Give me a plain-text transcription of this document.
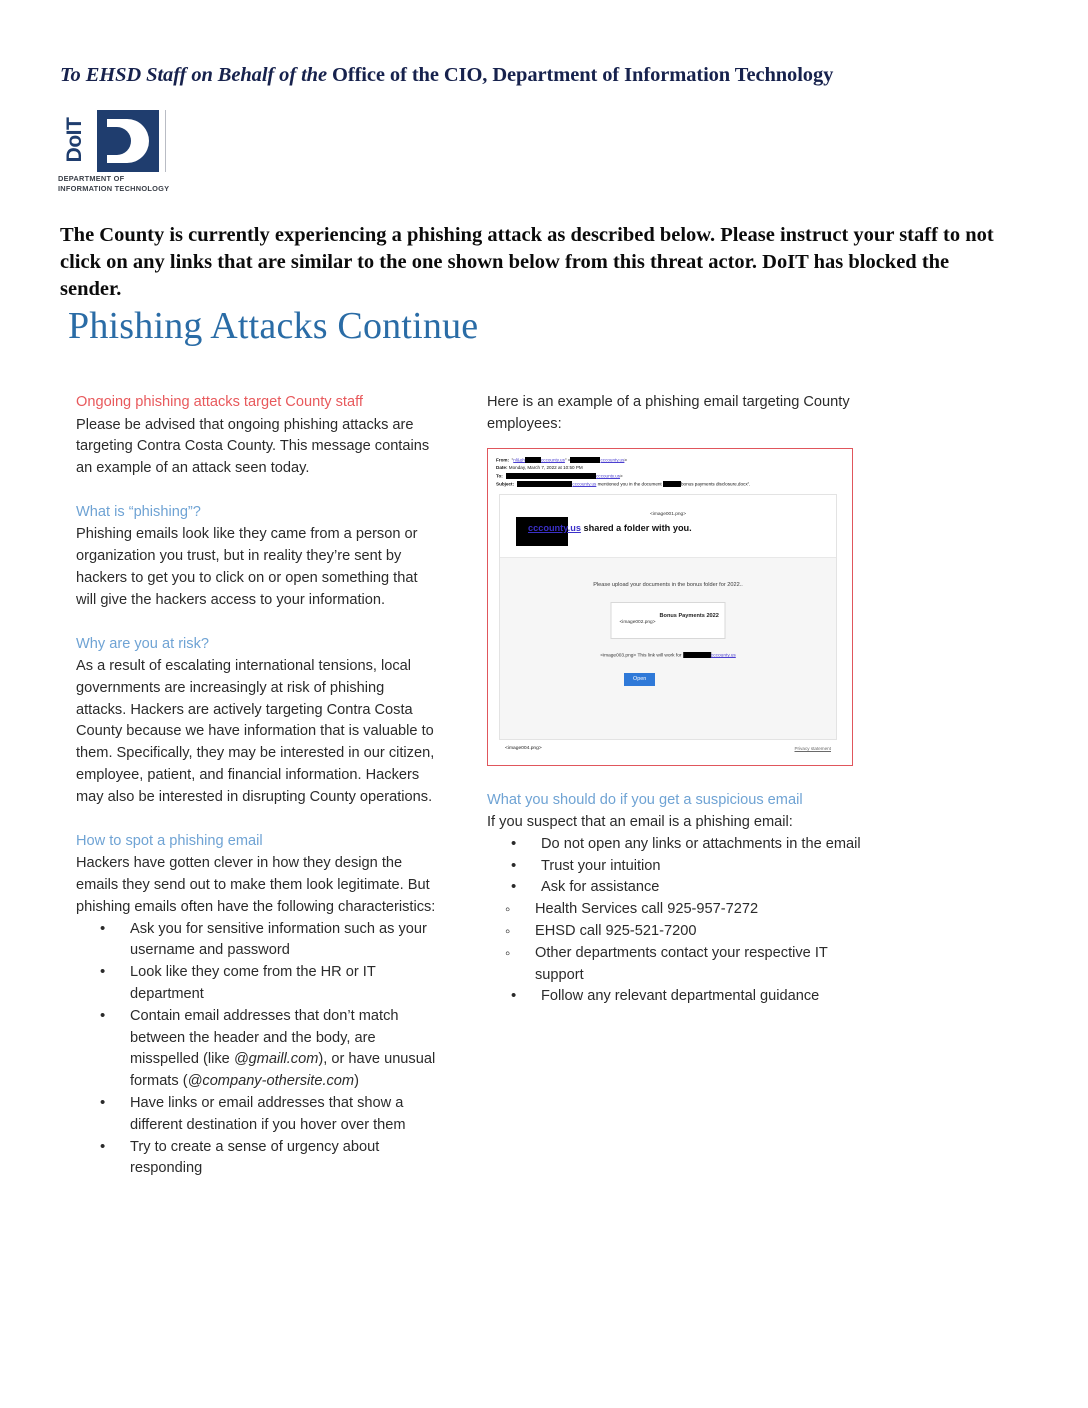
To EHSD Staff on Behalf of the Office of the CIO, Department of Information Technology
DoIT
DEPARTMENT OF
INFORMATION TECHNOLOGY
The County is currently experiencing a phishing attack as described below. Please instruct your staff to not click on any links that are similar to the one shown below from this threat actor. DoIT has blocked the sender.
Phishing Attacks Continue

Ongoing phishing attacks target County staff

Please be advised that ongoing phishing attacks are targeting Contra Costa County. This message contains an example of an attack seen today.

What is “phishing”?

Phishing emails look like they came from a person or organization you trust, but in reality they’re sent by hackers to get you to click on or open something that will give the hackers access to your information.

Why are you at risk?

As a result of escalating international tensions, local governments are increasingly at risk of phishing attacks. Hackers are actively targeting Contra Costa County because we have information that is valuable to them. Specifically, they may be interested in our citizen, employee, patient, and financial information. Hackers may also be interested in disrupting County operations.

How to spot a phishing email

Hackers have gotten clever in how they design the emails they send out to make them look legitimate. But phishing emails often have the following characteristics:

• Ask you for sensitive information such as your username and password
• Look like they come from the HR or IT department
• Contain email addresses that don’t match between the header and the body, are misspelled (like @gmaill.com), or have unusual formats (@company-othersite.com)
• Have links or email addresses that show a different destination if you hover over them
• Try to create a sense of urgency about responding

Here is an example of a phishing email targeting County employees:

From:  "nl&gh	cccounty.us" <	cccounty.us>
Date: Monday, March 7, 2022 at 10:50 PM
To:	cccounty.us>
Subject:	cccounty.us mentioned you in the document	bonus payments disclosure.docx”.
<image001.png>
cccounty.us shared a folder with you.
Please upload your documents in the bonus folder for 2022..
<image002.png>
Bonus Payments 2022
<image003.png> This link will work for	cccounty.us
Open
<image004.png>	Privacy statement

What you should do if you get a suspicious email

If you suspect that an email is a phishing email:

• Do not open any links or attachments in the email
• Trust your intuition
• Ask for assistance
◦ Health Services call 925-957-7272
◦ EHSD call 925-521-7200
◦ Other departments contact your respective IT support
• Follow any relevant departmental guidance
